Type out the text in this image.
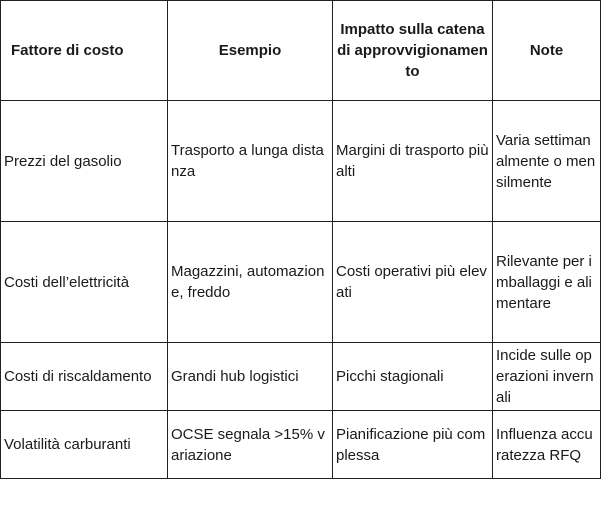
Fattore di costo	Esempio	Impatto sulla catena di approvvigionamento	Note
Prezzi del gasolio	Trasporto a lunga distanza	Margini di trasporto più alti	Varia settimanalmente o mensilmente
Costi dell’elettricità	Magazzini, automazione, freddo	Costi operativi più elevati	Rilevante per imballaggi e alimentare
Costi di riscaldamento	Grandi hub logistici	Picchi stagionali	Incide sulle operazioni invernali
Volatilità carburanti	OCSE segnala >15% variazione	Pianificazione più complessa	Influenza accuratezza RFQ
